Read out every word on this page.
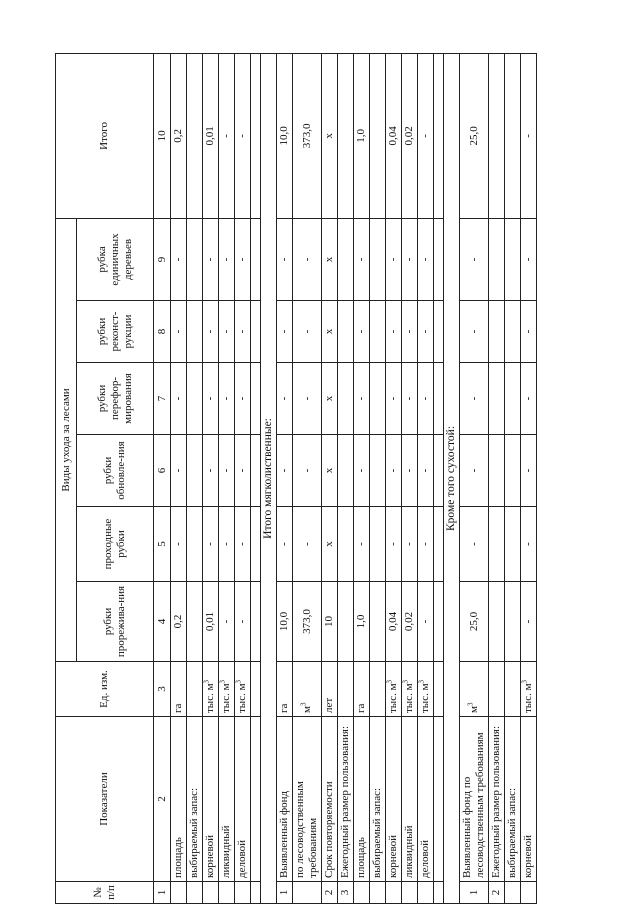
№ п/п	Показатели	Ед. изм.	Виды ухода за лесами						Итого
			рубки прорежива-ния	проходные рубки	рубки обновле-ния	рубки перефор-мирования	рубки реконст-рукции	рубка единичных деревьев	
1	2	3	4	5	6	7	8	9	10
	площадь	га	0,2	-	-	-	-	-	0,2
	выбираемый запас:								
	корневой	тыс. $м^3$	0,01	-	-	-	-	-	0,01
	ликвидный	тыс. $м^3$	-	-	-	-	-	-	-
	деловой	тыс. $м^3$	-	-	-	-	-	-	-

Итого мягколиственные:									
1	Выявленный фонд	га	10,0	-	-	-	-	-	10,0
	по лесоводственным требованиям	$м^3$	373,0	-	-	-	-	-	373,0
2	Срок повторяемости	лет	10	х	х	х	х	х	х
3	Ежегодный размер пользования:								
	площадь	га	1,0	-	-	-	-	-	1,0
	выбираемый запас:								
	корневой	тыс. $м^3$	0,04	-	-	-	-	-	0,04
	ликвидный	тыс. $м^3$	0,02	-	-	-	-	-	0,02
	деловой	тыс. $м^3$	-	-	-	-	-	-	-

Кроме того сухостой:									
1	Выявленный фонд по лесоводственным требованиям	$м^3$	25,0	-	-	-	-	-	25,0
2	Ежегодный размер пользования:								
	выбираемый запас:								
	корневой	тыс. $м^3$	-	-	-	-	-	-	-
